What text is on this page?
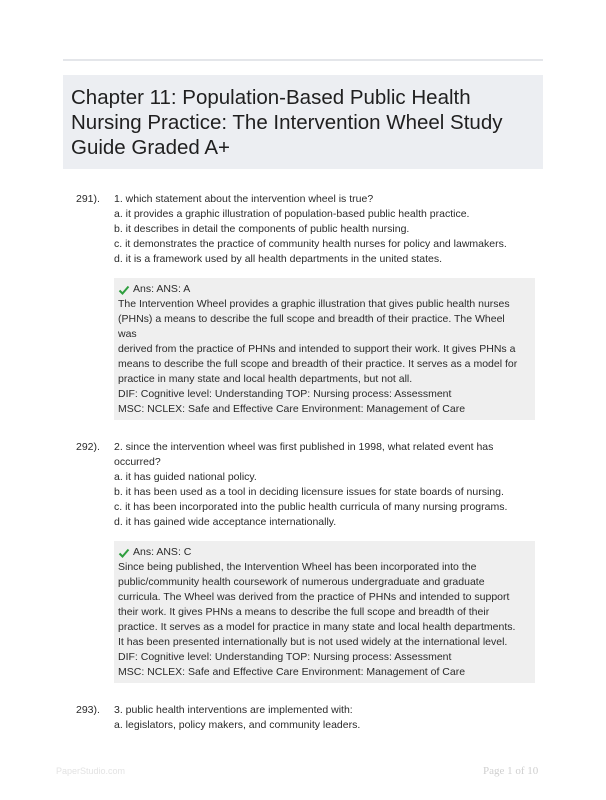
Chapter 11: Population-Based Public Health Nursing Practice: The Intervention Wheel Study Guide Graded A+
291). 1. which statement about the intervention wheel is true?
a. it provides a graphic illustration of population-based public health practice.
b. it describes in detail the components of public health nursing.
c. it demonstrates the practice of community health nurses for policy and lawmakers.
d. it is a framework used by all health departments in the united states.
Ans: ANS: A
The Intervention Wheel provides a graphic illustration that gives public health nurses
(PHNs) a means to describe the full scope and breadth of their practice. The Wheel
was
derived from the practice of PHNs and intended to support their work. It gives PHNs a
means to describe the full scope and breadth of their practice. It serves as a model for
practice in many state and local health departments, but not all.
DIF: Cognitive level: Understanding TOP: Nursing process: Assessment
MSC: NCLEX: Safe and Effective Care Environment: Management of Care
292). 2. since the intervention wheel was first published in 1998, what related event has
occurred?
a. it has guided national policy.
b. it has been used as a tool in deciding licensure issues for state boards of nursing.
c. it has been incorporated into the public health curricula of many nursing programs.
d. it has gained wide acceptance internationally.
Ans: ANS: C
Since being published, the Intervention Wheel has been incorporated into the
public/community health coursework of numerous undergraduate and graduate
curricula. The Wheel was derived from the practice of PHNs and intended to support
their work. It gives PHNs a means to describe the full scope and breadth of their
practice. It serves as a model for practice in many state and local health departments.
It has been presented internationally but is not used widely at the international level.
DIF: Cognitive level: Understanding TOP: Nursing process: Assessment
MSC: NCLEX: Safe and Effective Care Environment: Management of Care
293). 3. public health interventions are implemented with:
a. legislators, policy makers, and community leaders.
PaperStudio.com	Page 1 of 10
